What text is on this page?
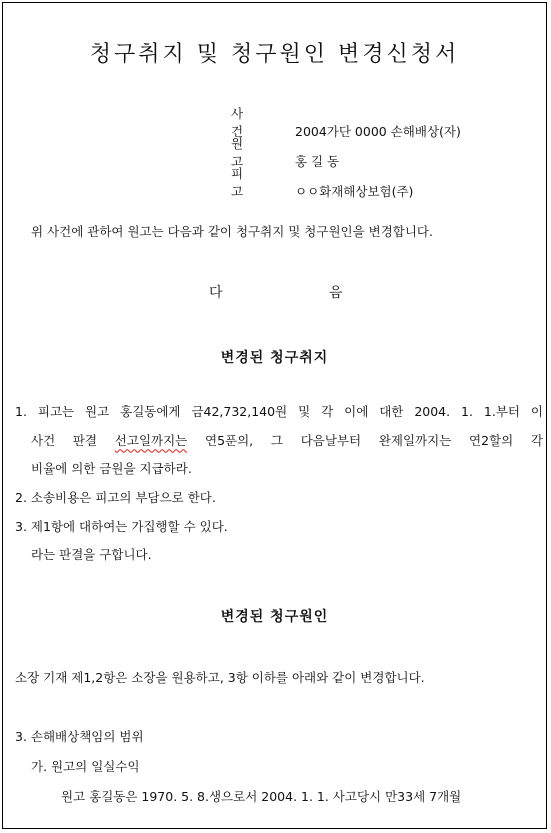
청구취지 및 청구원인 변경신청서
사 건	2004가단 0000 손해배상(자)
원 고	홍 길 동
피 고	ㅇㅇ화재해상보험(주)
위 사건에 관하여 원고는 다음과 같이 청구취지 및 청구원인을 변경합니다.
다	음
변경된 청구취지
1. 피고는 원고 홍길동에게 금42,732,140원 및 각 이에 대한 2004. 1. 1.부터 이
사건 판결 선고일까지는 연5푼의, 그 다음날부터 완제일까지는 연2할의 각
비율에 의한 금원을 지급하라.
2. 소송비용은 피고의 부담으로 한다.
3. 제1항에 대하여는 가집행할 수 있다.
라는 판결을 구합니다.
변경된 청구원인
소장 기재 제1,2항은 소장을 원용하고, 3항 이하를 아래와 같이 변경합니다.
3. 손해배상책임의 범위
가. 원고의 일실수익
원고 홍길동은 1970. 5. 8.생으로서 2004. 1. 1. 사고당시 만33세 7개월
